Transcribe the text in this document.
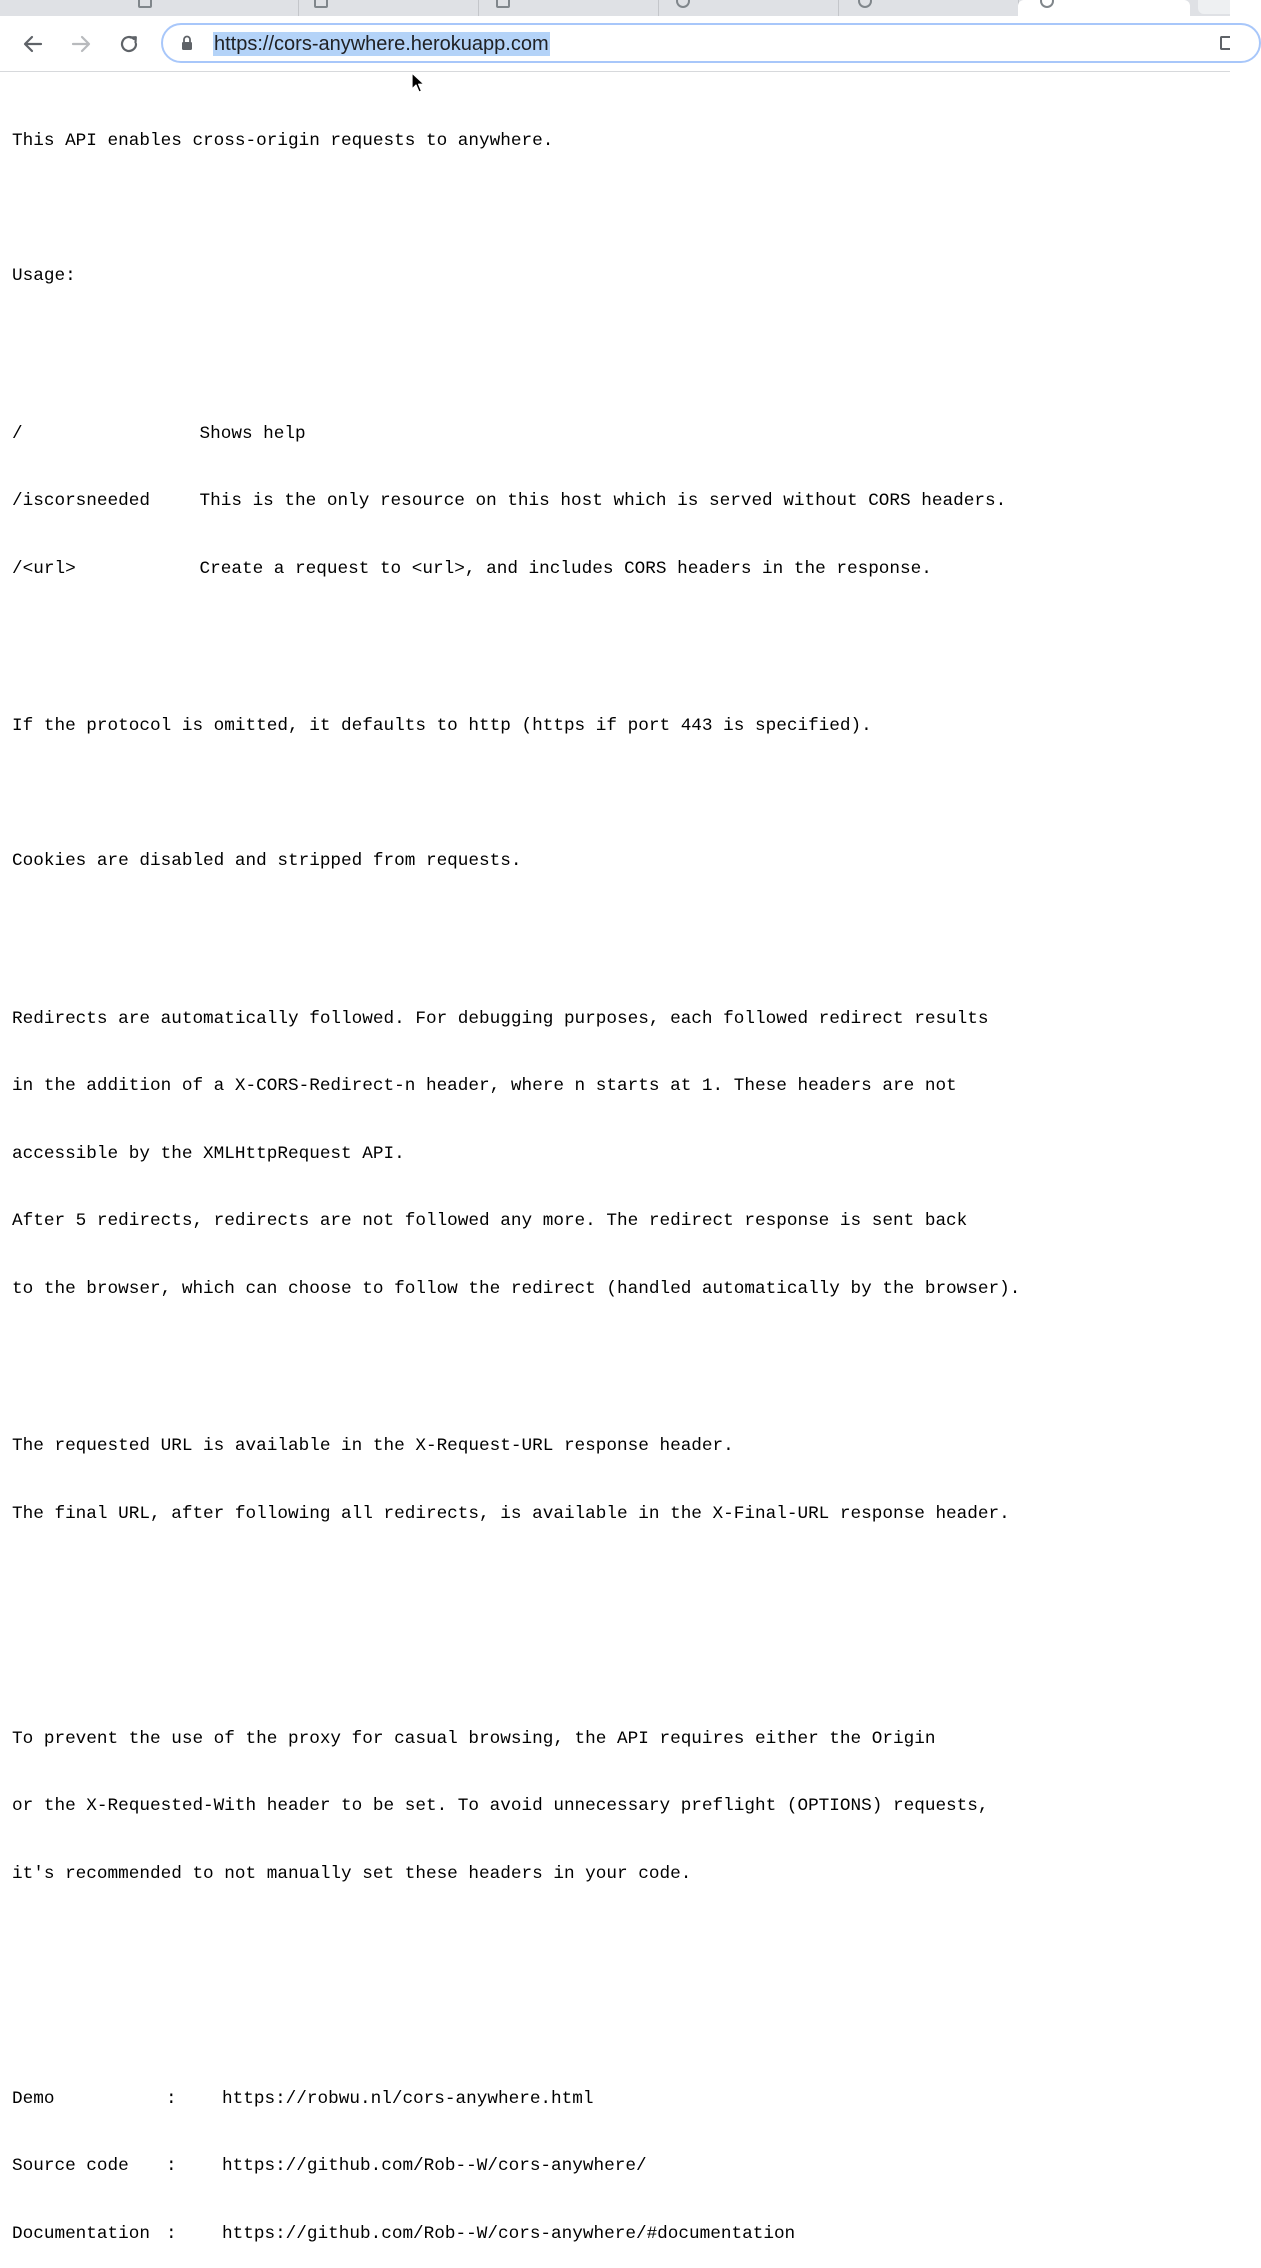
https://cors-anywhere.herokuapp.com

This API enables cross-origin requests to anywhere.

Usage:

/	Shows help

/iscorsneeded	This is the only resource on this host which is served without CORS headers.

/<url>	Create a request to <url>, and includes CORS headers in the response.

If the protocol is omitted, it defaults to http (https if port 443 is specified).

Cookies are disabled and stripped from requests.

Redirects are automatically followed. For debugging purposes, each followed redirect results

in the addition of a X-CORS-Redirect-n header, where n starts at 1. These headers are not

accessible by the XMLHttpRequest API.

After 5 redirects, redirects are not followed any more. The redirect response is sent back

to the browser, which can choose to follow the redirect (handled automatically by the browser).

The requested URL is available in the X-Request-URL response header.

The final URL, after following all redirects, is available in the X-Final-URL response header.

To prevent the use of the proxy for casual browsing, the API requires either the Origin

or the X-Requested-With header to be set. To avoid unnecessary preflight (OPTIONS) requests,

it's recommended to not manually set these headers in your code.

Demo	:	https://robwu.nl/cors-anywhere.html

Source code :	https://github.com/Rob--W/cors-anywhere/

Documentation :	https://github.com/Rob--W/cors-anywhere/#documentation
